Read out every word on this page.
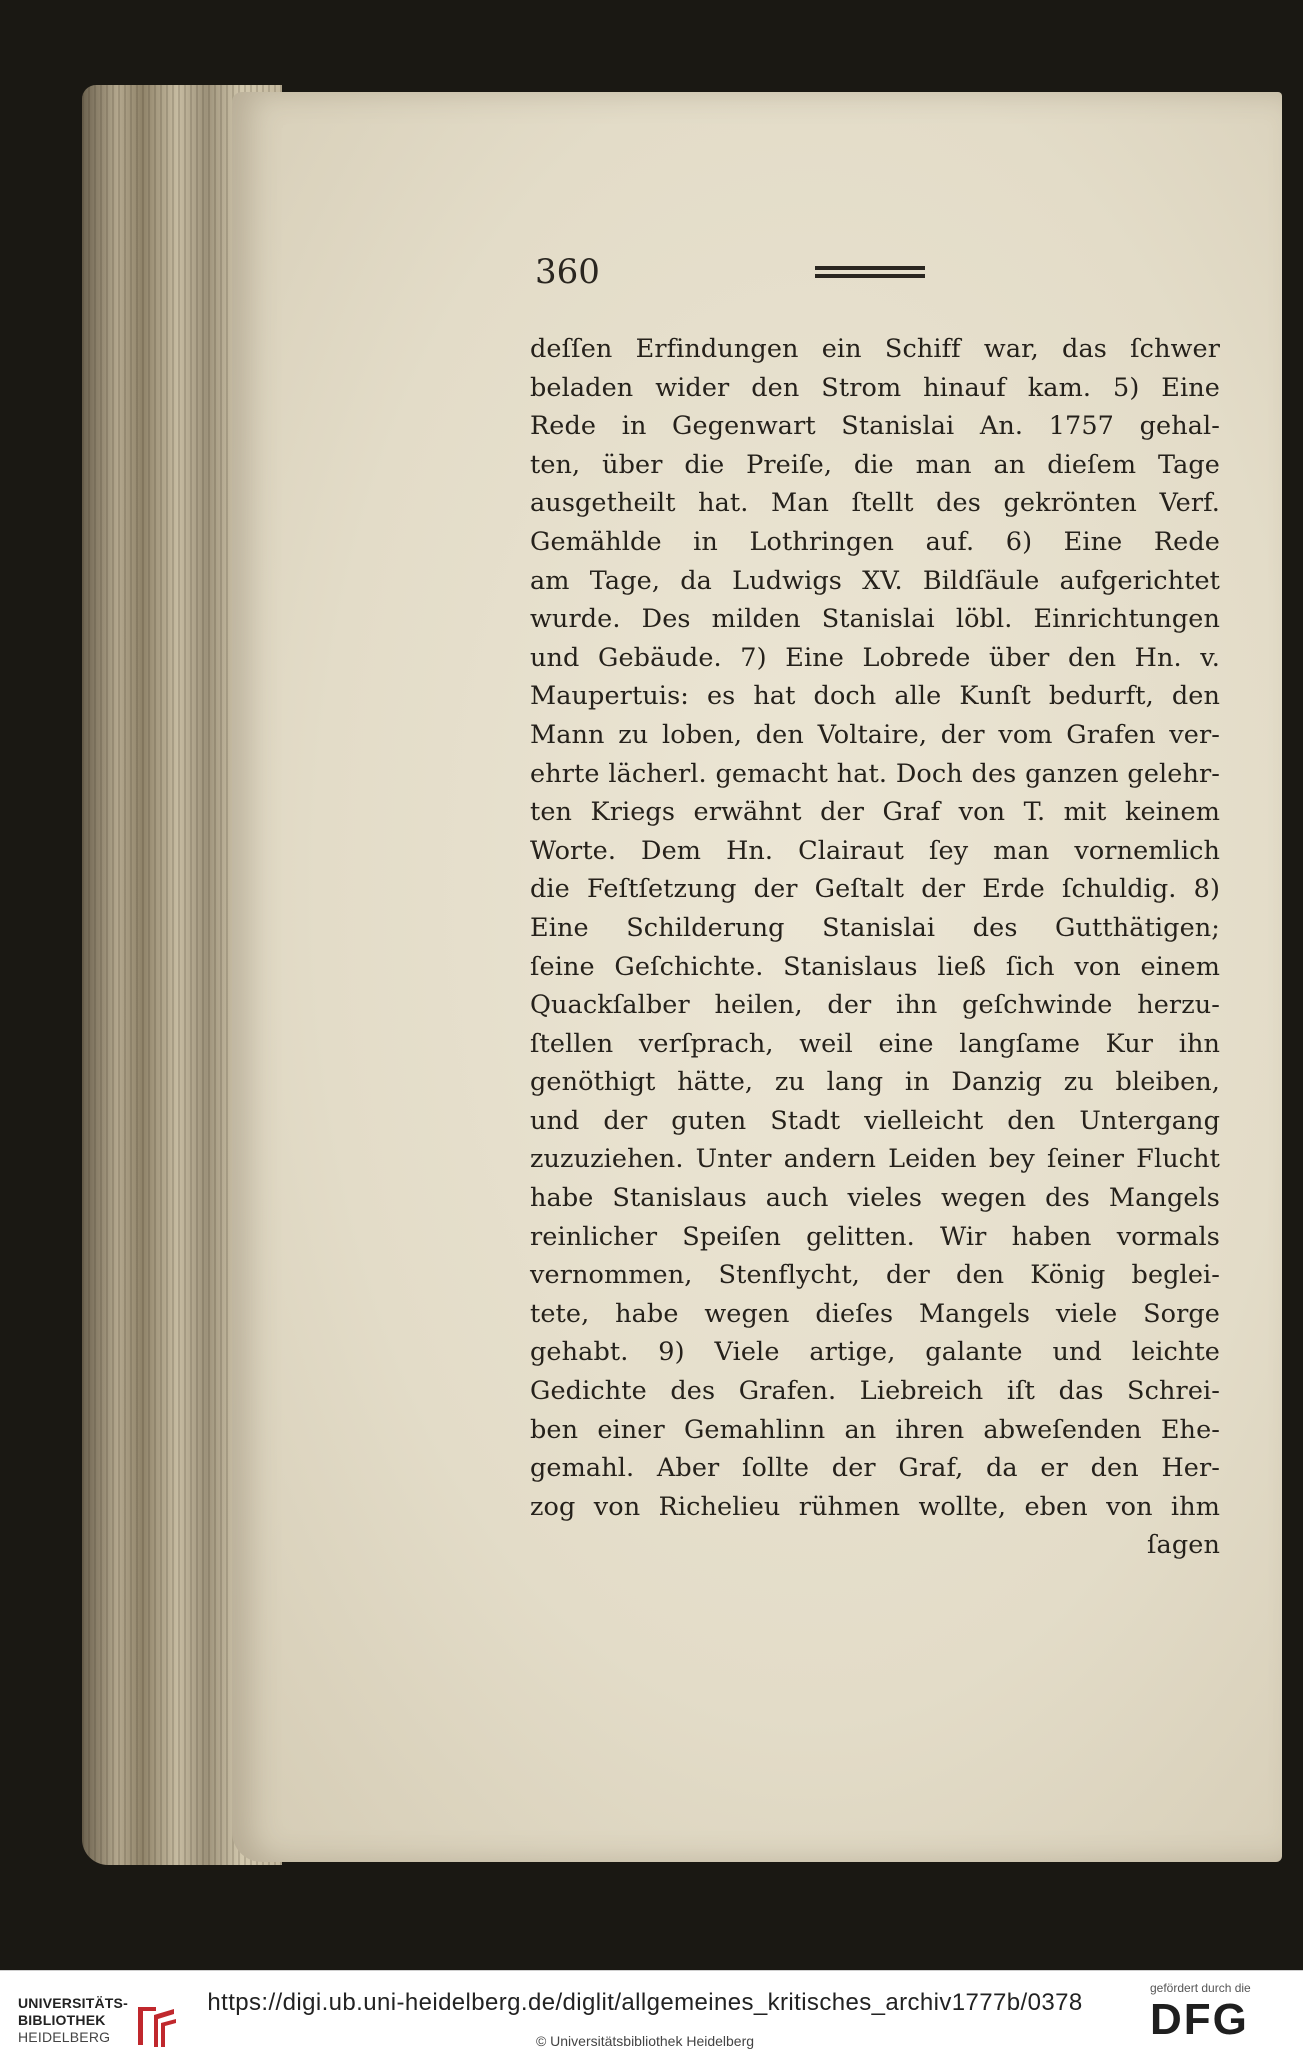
360
deſſen Erfindungen ein Schiff war, das ſchwer
beladen wider den Strom hinauf kam. 5) Eine
Rede in Gegenwart Stanislai An. 1757 gehal-
ten, über die Preiſe, die man an dieſem Tage
ausgetheilt hat. Man ſtellt des gekrönten Verf.
Gemählde in Lothringen auf. 6) Eine Rede
am Tage, da Ludwigs XV. Bildſäule aufgerichtet
wurde. Des milden Stanislai löbl. Einrichtungen
und Gebäude. 7) Eine Lobrede über den Hn. v.
Maupertuis: es hat doch alle Kunſt bedurft, den
Mann zu loben, den Voltaire, der vom Grafen ver-
ehrte lächerl. gemacht hat. Doch des ganzen gelehr-
ten Kriegs erwähnt der Graf von T. mit keinem
Worte. Dem Hn. Clairaut ſey man vornemlich
die Feſtſetzung der Geſtalt der Erde ſchuldig. 8)
Eine Schilderung Stanislai des Gutthätigen;
ſeine Geſchichte. Stanislaus ließ ſich von einem
Quackſalber heilen, der ihn geſchwinde herzu-
ſtellen verſprach, weil eine langſame Kur ihn
genöthigt hätte, zu lang in Danzig zu bleiben,
und der guten Stadt vielleicht den Untergang
zuzuziehen. Unter andern Leiden bey ſeiner Flucht
habe Stanislaus auch vieles wegen des Mangels
reinlicher Speiſen gelitten. Wir haben vormals
vernommen, Stenflycht, der den König beglei-
tete, habe wegen dieſes Mangels viele Sorge
gehabt. 9) Viele artige, galante und leichte
Gedichte des Grafen. Liebreich iſt das Schrei-
ben einer Gemahlinn an ihren abweſenden Ehe-
gemahl. Aber ſollte der Graf, da er den Her-
zog von Richelieu rühmen wollte, eben von ihm
ſagen
UNIVERSITÄTS-
BIBLIOTHEK
HEIDELBERG
https://digi.ub.uni-heidelberg.de/diglit/allgemeines_kritisches_archiv1777b/0378
© Universitätsbibliothek Heidelberg
gefördert durch die
DFG
